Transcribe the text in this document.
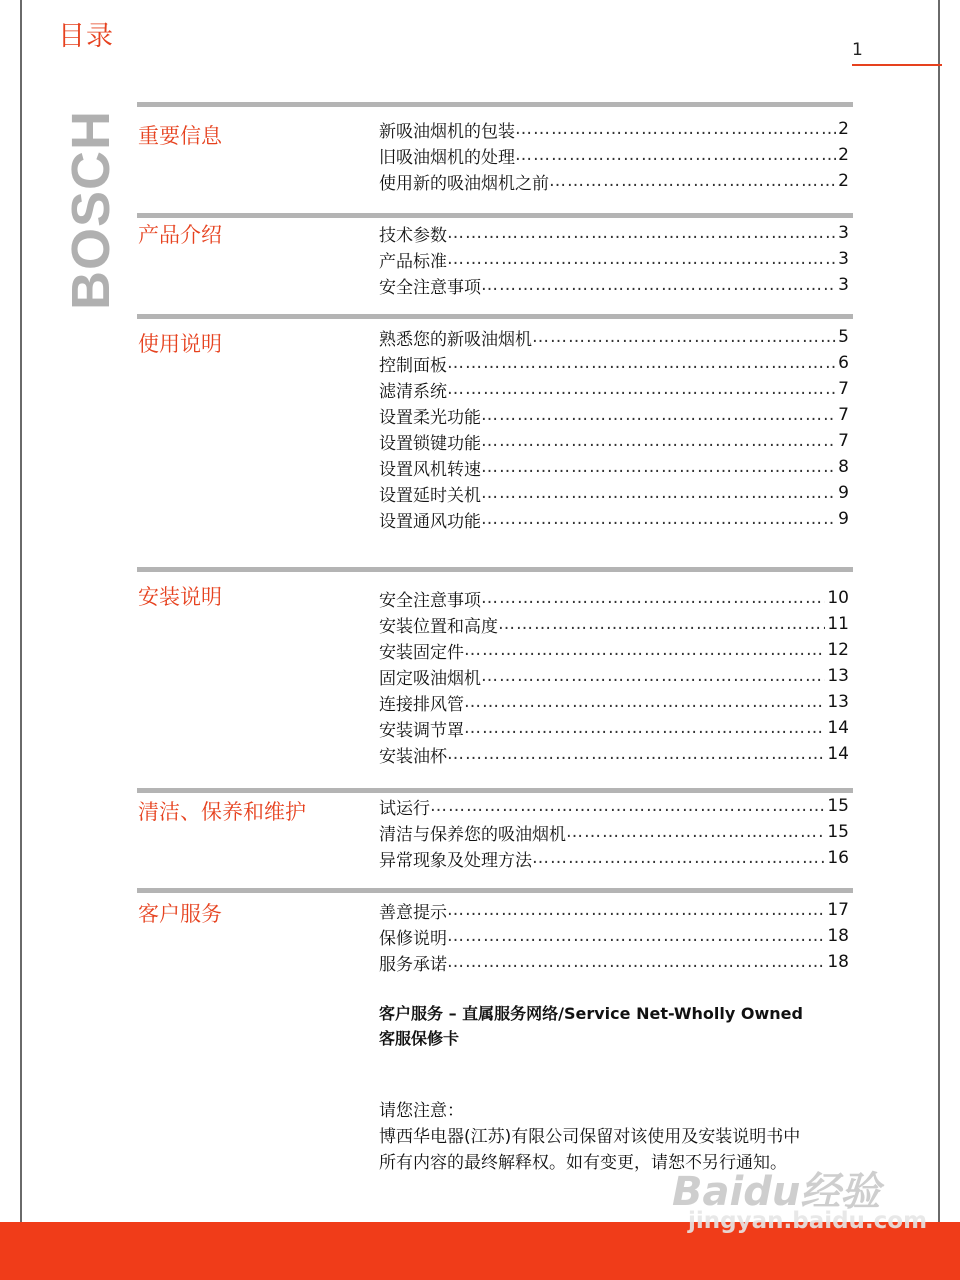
目录	1
BOSCH 重要信息	新吸油烟机的包装 ……………………………………………………………………………………………………………	2
旧吸油烟机的处理 ……………………………………………………………………………………………………………	2
使用新的吸油烟机之前 ……………………………………………………………………………………………………………	2
产品介绍	技术参数 ……………………………………………………………………………………………………………	3
产品标准 ……………………………………………………………………………………………………………	3
安全注意事项 ……………………………………………………………………………………………………………	3
使用说明	熟悉您的新吸油烟机 ……………………………………………………………………………………………………………	5
控制面板 ……………………………………………………………………………………………………………	6
滤清系统 ……………………………………………………………………………………………………………	7
设置柔光功能 ……………………………………………………………………………………………………………	7
设置锁键功能 ……………………………………………………………………………………………………………	7
设置风机转速 ……………………………………………………………………………………………………………	8
设置延时关机 ……………………………………………………………………………………………………………	9
设置通风功能 ……………………………………………………………………………………………………………	9
安装说明	安全注意事项 ……………………………………………………………………………………………………………	10
安装位置和高度 ……………………………………………………………………………………………………………	11
安装固定件 ……………………………………………………………………………………………………………	12
固定吸油烟机 ……………………………………………………………………………………………………………	13
连接排风管 ……………………………………………………………………………………………………………	13
安装调节罩 ……………………………………………………………………………………………………………	14
安装油杯 ……………………………………………………………………………………………………………	14
清洁、保养和维护	试运行 ……………………………………………………………………………………………………………	15
清洁与保养您的吸油烟机 ……………………………………………………………………………………………………………	15
异常现象及处理方法 ……………………………………………………………………………………………………………	16
客户服务	善意提示 ……………………………………………………………………………………………………………	17
保修说明 ……………………………………………………………………………………………………………	18
服务承诺 ……………………………………………………………………………………………………………	18
客户服务 – 直属服务网络/Service Net-Wholly Owned
客服保修卡
请您注意：
博西华电器(江苏)有限公司保留对该使用及安装说明书中
所有内容的最终解释权。如有变更，请恕不另行通知。
Baidu经验
jingyan.baidu.com
